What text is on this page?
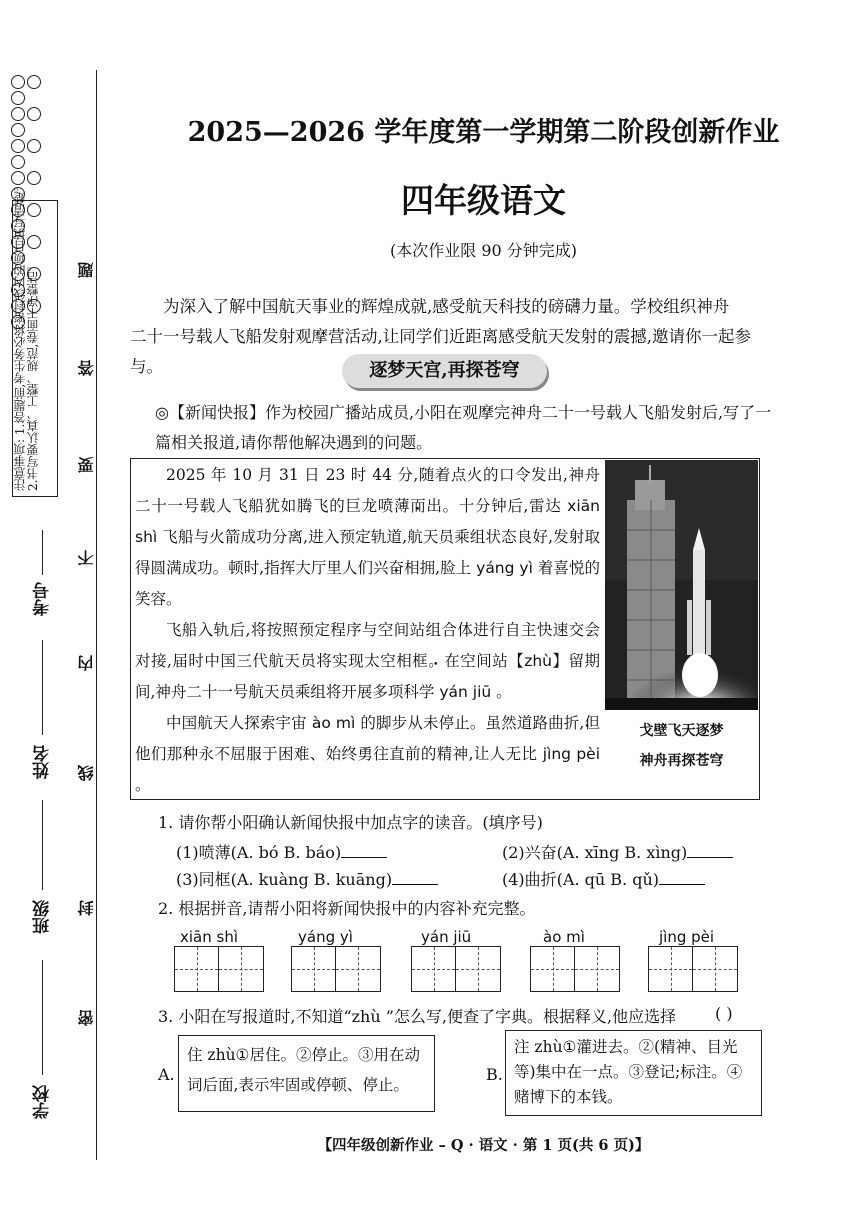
注意事项: 1.答题前,考生务必将密封线内的项目填写清楚。
2.书写要认真、工整、规范,卷面干净整洁。
考号
姓名
班级
学校
密
封
线
内
不
要
答
题
2025—2026 学年度第一学期第二阶段创新作业
四年级语文
(本次作业限 90 分钟完成)
为深入了解中国航天事业的辉煌成就,感受航天科技的磅礴力量。学校组织神舟
二十一号载人飞船发射观摩营活动,让同学们近距离感受航天发射的震撼,邀请你一起参与。	逐梦天宫,再探苍穹
◎【新闻快报】作为校园广播站成员,小阳在观摩完神舟二十一号载人飞船发射后,写了一篇相关报道,请你帮他解决遇到的问题。

2025 年 10 月 31 日 23 时 44 分,随着点火的口令发出,神舟二十一号载人飞船犹如腾飞的巨龙喷薄而出。十分钟后,雷达 xiān shì 飞船与火箭成功分离,进入预定轨道,航天员乘组状态良好,发射取得圆满成功。顿时,指挥大厅里人们兴奋相拥,脸上 yáng yì 着喜悦的笑容。

飞船入轨后,将按照预定程序与空间站组合体进行自主快速交会对接,届时中国三代航天员将实现太空相框。在空间站【zhù】留期间,神舟二十一号航天员乘组将开展多项科学 yán jiū 。

中国航天人探索宇宙 ào mì 的脚步从未停止。虽然道路曲折,但他们那种永不屈服于困难、始终勇往直前的精神,让人无比 jìng pèi 。

戈壁飞天逐梦
神舟再探苍穹
1. 请你帮小阳确认新闻快报中加点字的读音。(填序号)
(1)喷薄(A. bó B. báo)	(2)兴奋(A. xīng B. xìng)
(3)同框(A. kuàng B. kuāng)	(4)曲折(A. qū B. qǔ)
2. 根据拼音,请帮小阳将新闻快报中的内容补充完整。
xiān shì	yáng yì	yán jiū	ào mì	jìng pèi
3. 小阳在写报道时,不知道“zhù ”怎么写,便查了字典。根据释义,他应选择 ( )
A.
住 zhù①居住。②停止。③用在动词后面,表示牢固或停顿、停止。
B.
注 zhù①灌进去。②(精神、目光等)集中在一点。③登记;标注。④赌博下的本钱。
【四年级创新作业 – Q · 语文 · 第 1 页(共 6 页)】
